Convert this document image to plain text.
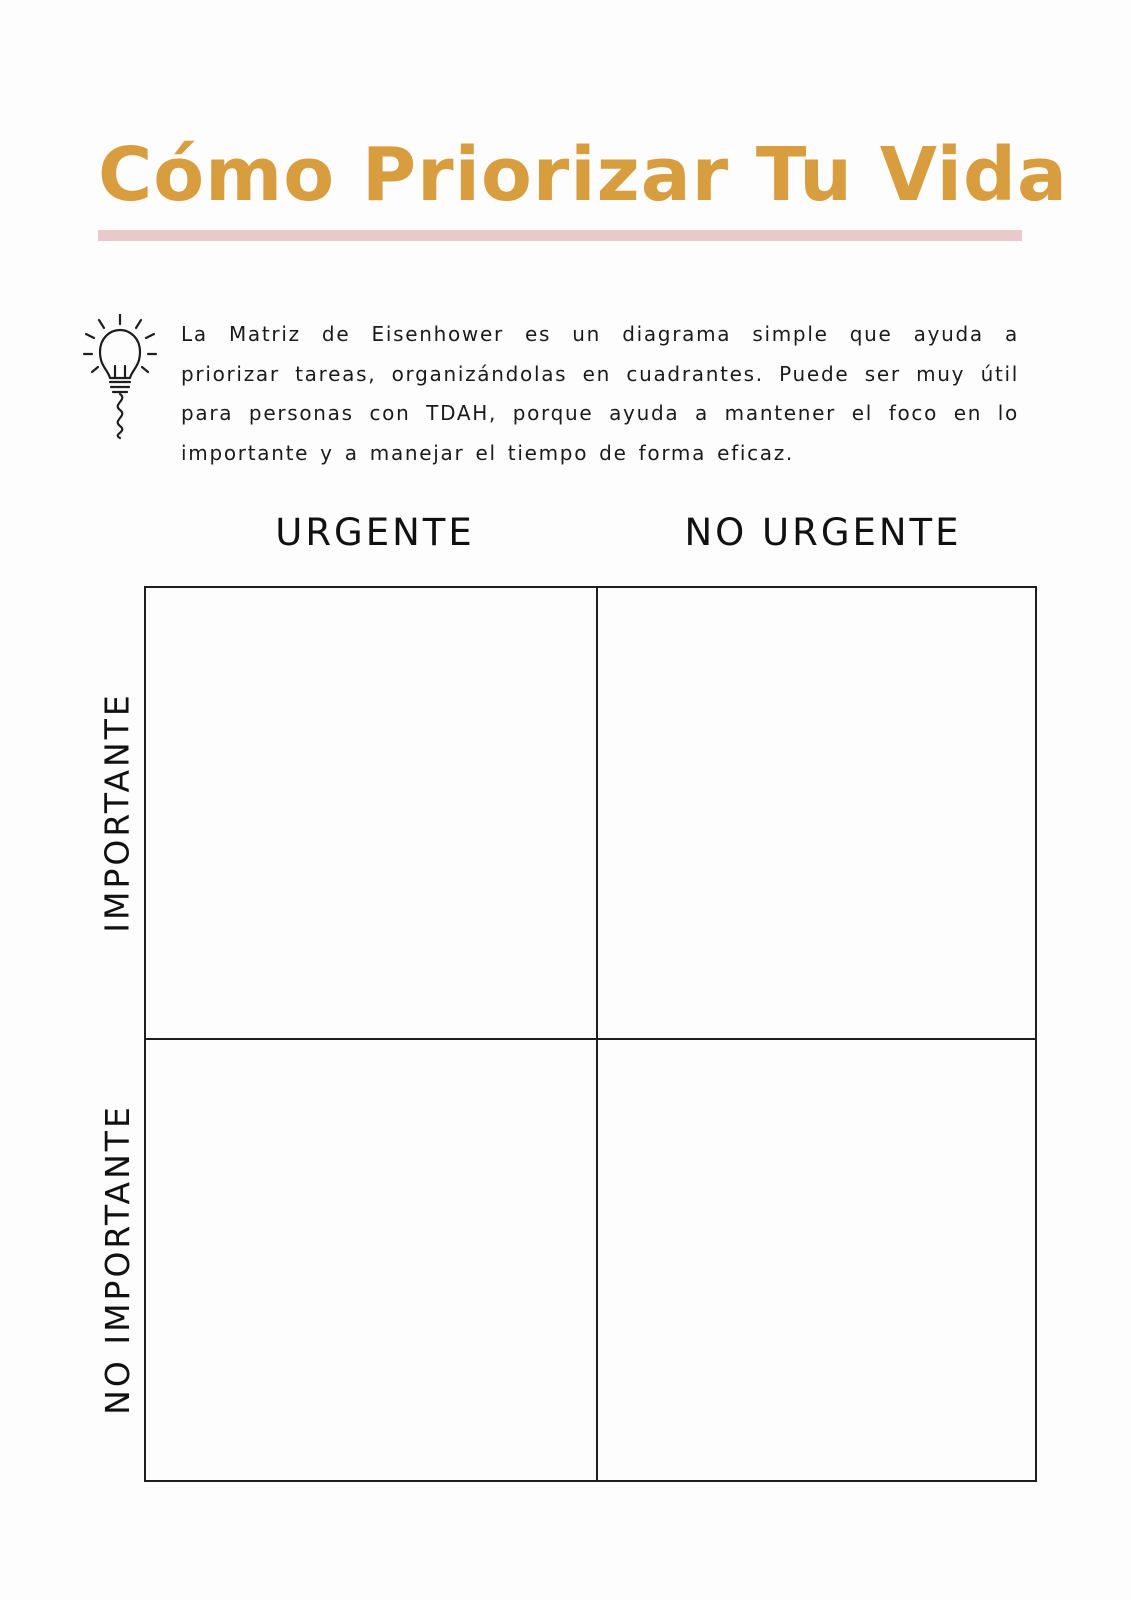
Cómo Priorizar Tu Vida

La Matriz de Eisenhower es un diagrama simple que ayuda a priorizar tareas, organizándolas en cuadrantes. Puede ser muy útil para personas con TDAH, porque ayuda a mantener el foco en lo importante y a manejar el tiempo de forma eficaz.

URGENTE	NO URGENTE
IMPORTANTE
NO IMPORTANTE
